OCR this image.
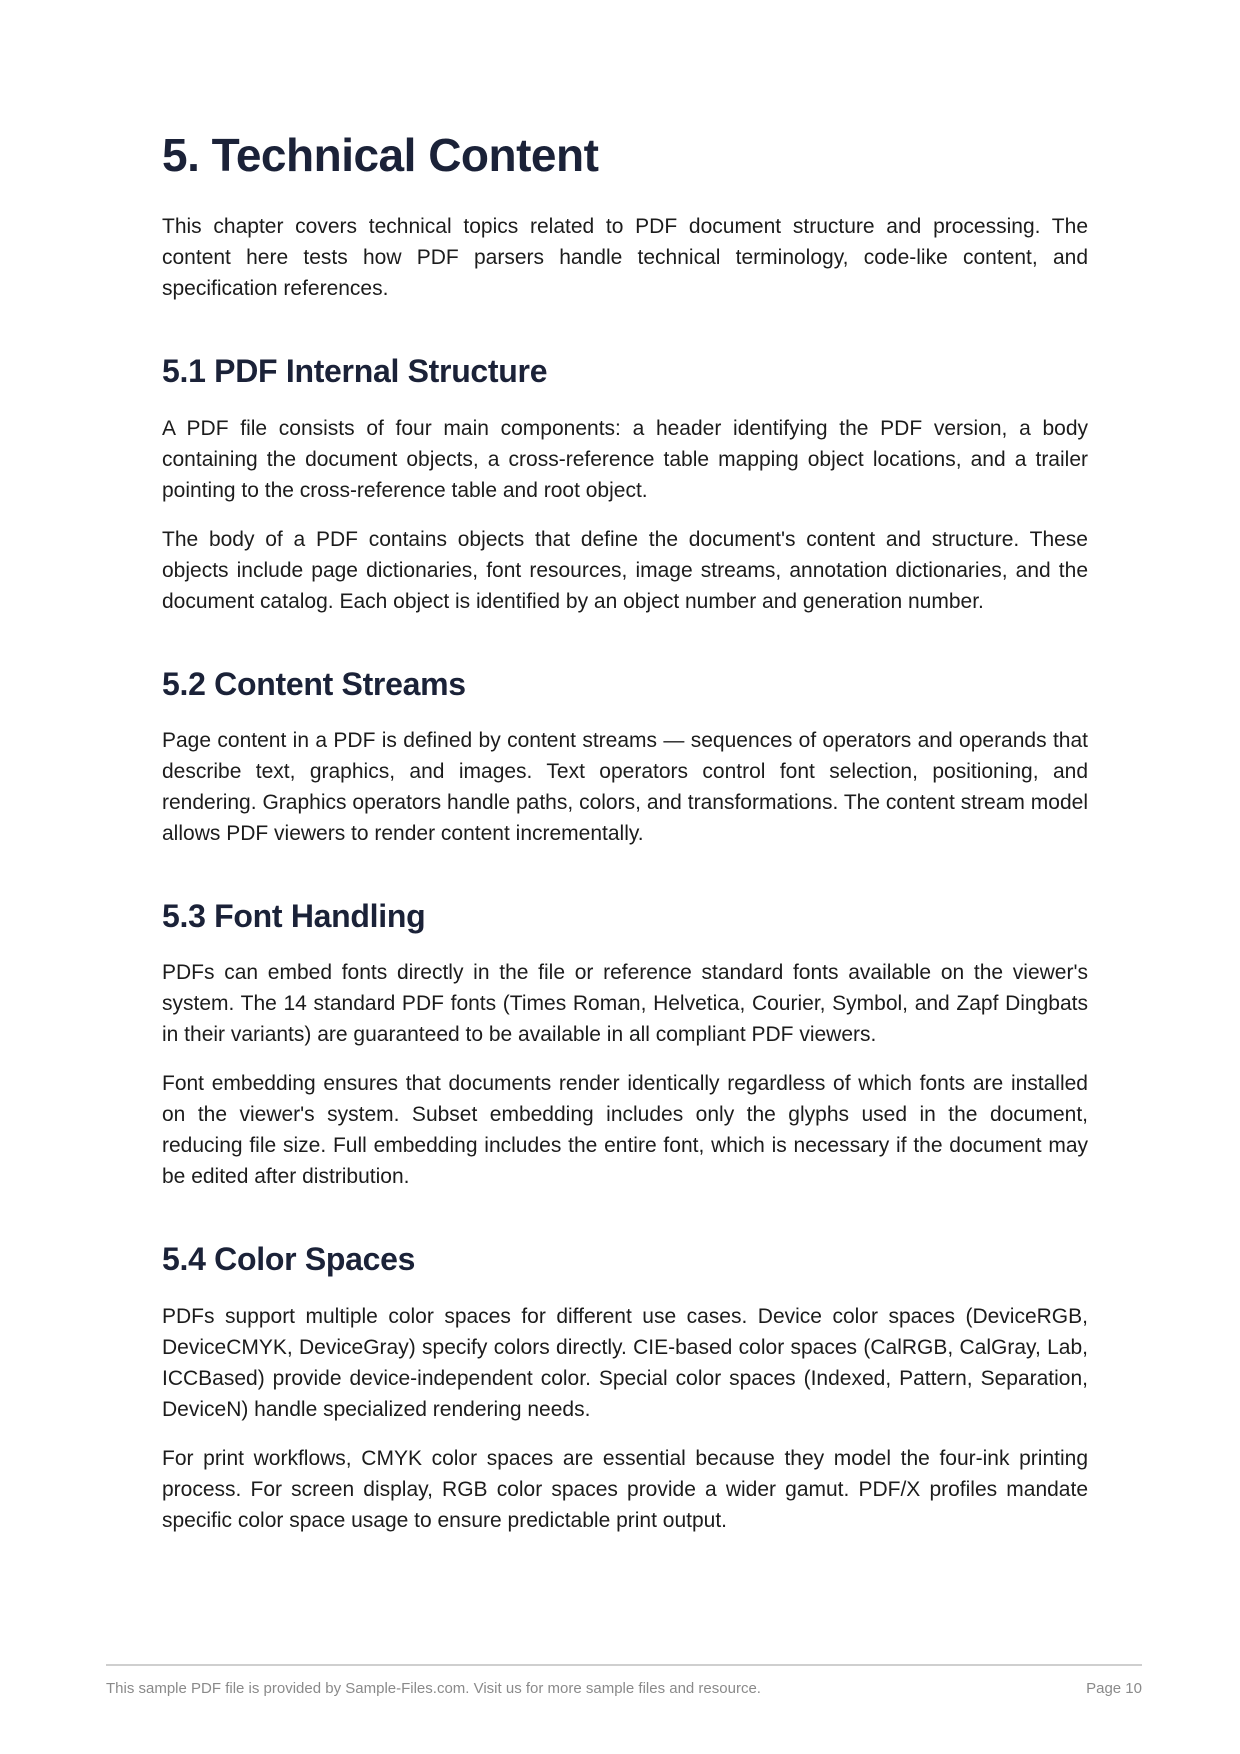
5. Technical Content

This chapter covers technical topics related to PDF document structure and processing. The content here tests how PDF parsers handle technical terminology, code-like content, and specification references.

5.1 PDF Internal Structure

A PDF file consists of four main components: a header identifying the PDF version, a body containing the document objects, a cross-reference table mapping object locations, and a trailer pointing to the cross-reference table and root object.

The body of a PDF contains objects that define the document's content and structure. These objects include page dictionaries, font resources, image streams, annotation dictionaries, and the document catalog. Each object is identified by an object number and generation number.

5.2 Content Streams

Page content in a PDF is defined by content streams — sequences of operators and operands that describe text, graphics, and images. Text operators control font selection, positioning, and rendering. Graphics operators handle paths, colors, and transformations. The content stream model allows PDF viewers to render content incrementally.

5.3 Font Handling

PDFs can embed fonts directly in the file or reference standard fonts available on the viewer's system. The 14 standard PDF fonts (Times Roman, Helvetica, Courier, Symbol, and Zapf Dingbats in their variants) are guaranteed to be available in all compliant PDF viewers.

Font embedding ensures that documents render identically regardless of which fonts are installed on the viewer's system. Subset embedding includes only the glyphs used in the document, reducing file size. Full embedding includes the entire font, which is necessary if the document may be edited after distribution.

5.4 Color Spaces

PDFs support multiple color spaces for different use cases. Device color spaces (DeviceRGB, DeviceCMYK, DeviceGray) specify colors directly. CIE-based color spaces (CalRGB, CalGray, Lab, ICCBased) provide device-independent color. Special color spaces (Indexed, Pattern, Separation, DeviceN) handle specialized rendering needs.

For print workflows, CMYK color spaces are essential because they model the four-ink printing process. For screen display, RGB color spaces provide a wider gamut. PDF/X profiles mandate specific color space usage to ensure predictable print output.

This sample PDF file is provided by Sample-Files.com. Visit us for more sample files and resource.	Page 10
